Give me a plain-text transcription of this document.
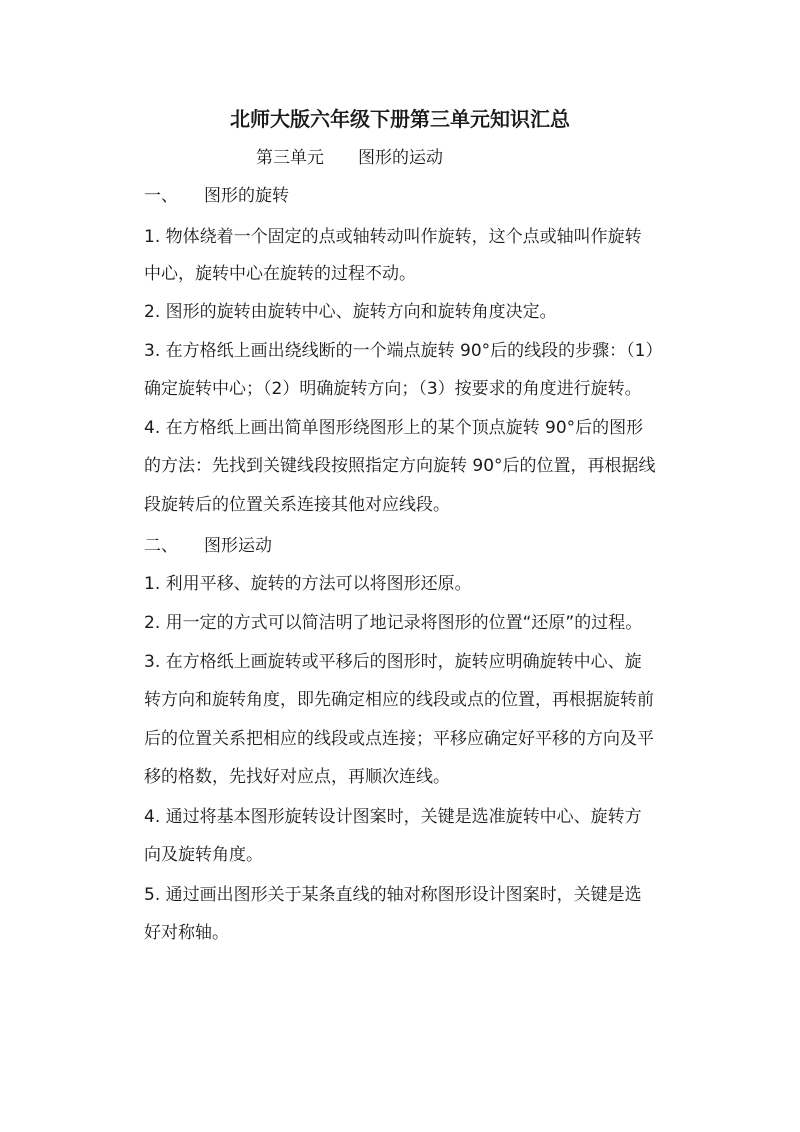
北师大版六年级下册第三单元知识汇总
第三单元　　 图形的运动
一、 图形的旋转
1. 物体绕着一个固定的点或轴转动叫作旋转，这个点或轴叫作旋转
中心，旋转中心在旋转的过程不动。
2. 图形的旋转由旋转中心、旋转方向和旋转角度决定。
3. 在方格纸上画出绕线断的一个端点旋转 90°后的线段的步骤：（1）
确定旋转中心；（2）明确旋转方向；（3）按要求的角度进行旋转。
4. 在方格纸上画出简单图形绕图形上的某个顶点旋转 90°后的图形
的方法：先找到关键线段按照指定方向旋转 90°后的位置，再根据线
段旋转后的位置关系连接其他对应线段。
二、 图形运动
1. 利用平移、旋转的方法可以将图形还原。
2. 用一定的方式可以简洁明了地记录将图形的位置“还原”的过程。
3. 在方格纸上画旋转或平移后的图形时，旋转应明确旋转中心、旋
转方向和旋转角度，即先确定相应的线段或点的位置，再根据旋转前
后的位置关系把相应的线段或点连接；平移应确定好平移的方向及平
移的格数，先找好对应点，再顺次连线。
4. 通过将基本图形旋转设计图案时，关键是选准旋转中心、旋转方
向及旋转角度。
5. 通过画出图形关于某条直线的轴对称图形设计图案时，关键是选
好对称轴。
